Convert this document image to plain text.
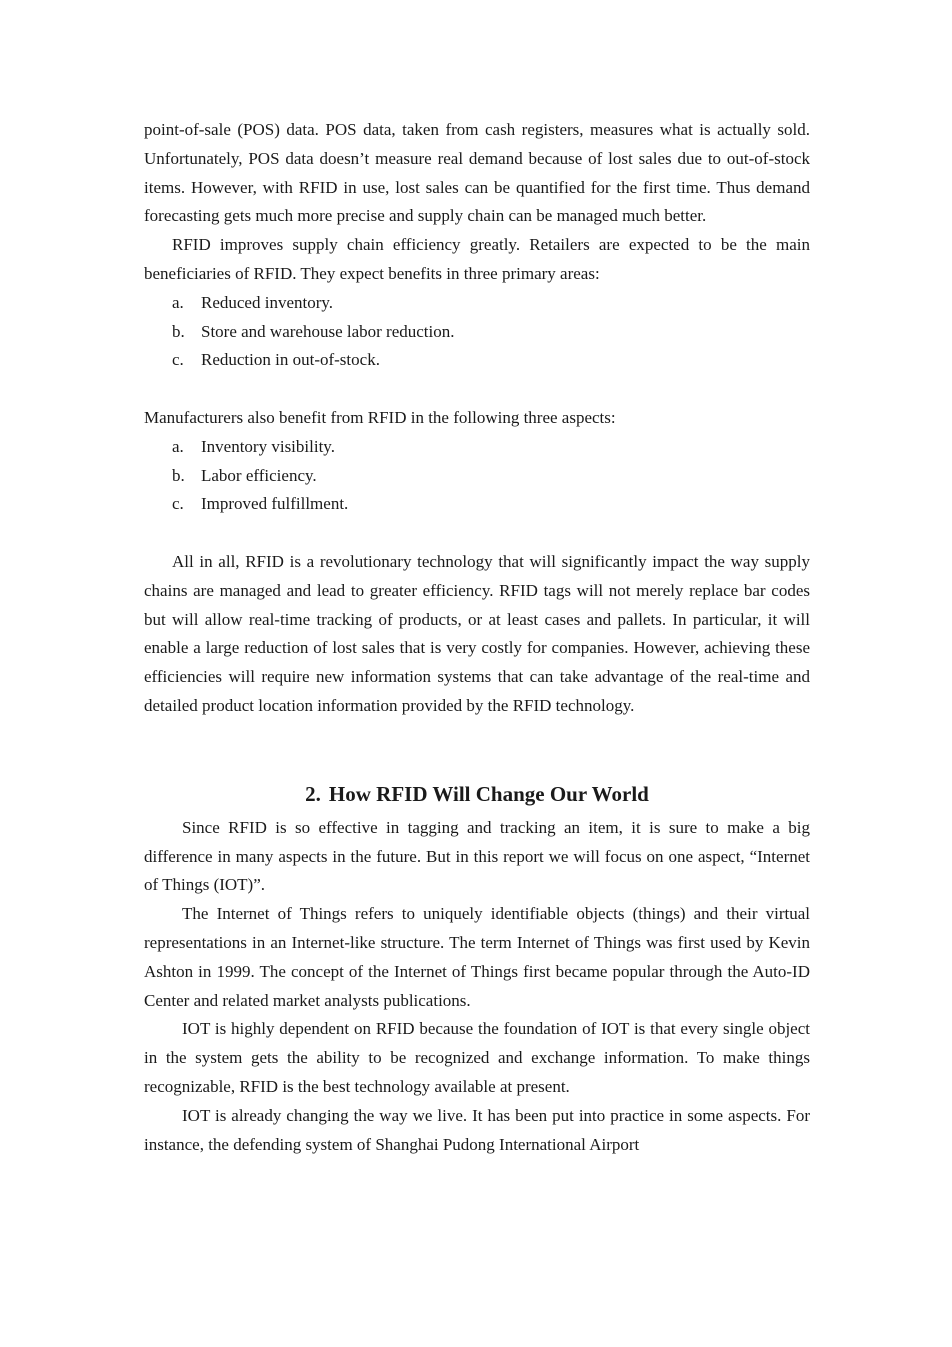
point-of-sale (POS) data. POS data, taken from cash registers, measures what is actually sold. Unfortunately, POS data doesn’t measure real demand because of lost sales due to out-of-stock items. However, with RFID in use, lost sales can be quantified for the first time. Thus demand forecasting gets much more precise and supply chain can be managed much better.

RFID improves supply chain efficiency greatly. Retailers are expected to be the main beneficiaries of RFID. They expect benefits in three primary areas:

a.	Reduced inventory.
b. Store and warehouse labor reduction.
c.	Reduction in out-of-stock.

Manufacturers also benefit from RFID in the following three aspects:

a.	Inventory visibility.
b. Labor efficiency.
c.	Improved fulfillment.

All in all, RFID is a revolutionary technology that will significantly impact the way supply chains are managed and lead to greater efficiency. RFID tags will not merely replace bar codes but will allow real-time tracking of products, or at least cases and pallets. In particular, it will enable a large reduction of lost sales that is very costly for companies. However, achieving these efficiencies will require new information systems that can take advantage of the real-time and detailed product location information provided by the RFID technology.

2. How RFID Will Change Our World

Since RFID is so effective in tagging and tracking an item, it is sure to make a big difference in many aspects in the future. But in this report we will focus on one aspect, “Internet of Things (IOT)”.

The Internet of Things refers to uniquely identifiable objects (things) and their virtual representations in an Internet-like structure. The term Internet of Things was first used by Kevin Ashton in 1999. The concept of the Internet of Things first became popular through the Auto-ID Center and related market analysts publications.

IOT is highly dependent on RFID because the foundation of IOT is that every single object in the system gets the ability to be recognized and exchange information. To make things recognizable, RFID is the best technology available at present.

IOT is already changing the way we live. It has been put into practice in some aspects. For instance, the defending system of Shanghai Pudong International Airport
